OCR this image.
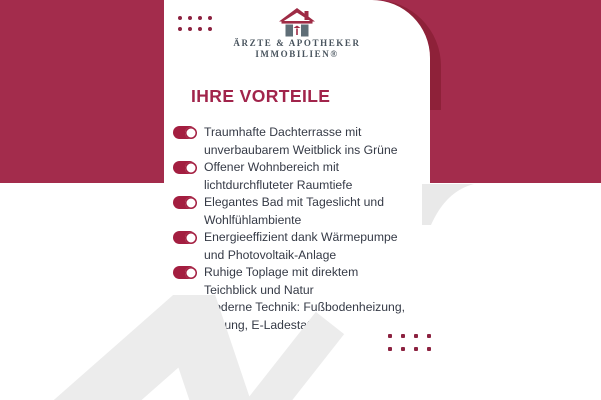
ÄRZTE & APOTHEKER
IMMOBILIEN®
IHRE VORTEILE
Traumhafte Dachterrasse mit
unverbaubarem Weitblick ins Grüne
Offener Wohnbereich mit
lichtdurchfluteter Raumtiefe
Elegantes Bad mit Tageslicht und
Wohlfühlambiente
Energieeffizient dank Wärmepumpe
und Photovoltaik-Anlage
Ruhige Toplage mit direktem
Teichblick und Natur
Moderne Technik: Fußbodenheizung,
Lüftung, E-Ladestation
